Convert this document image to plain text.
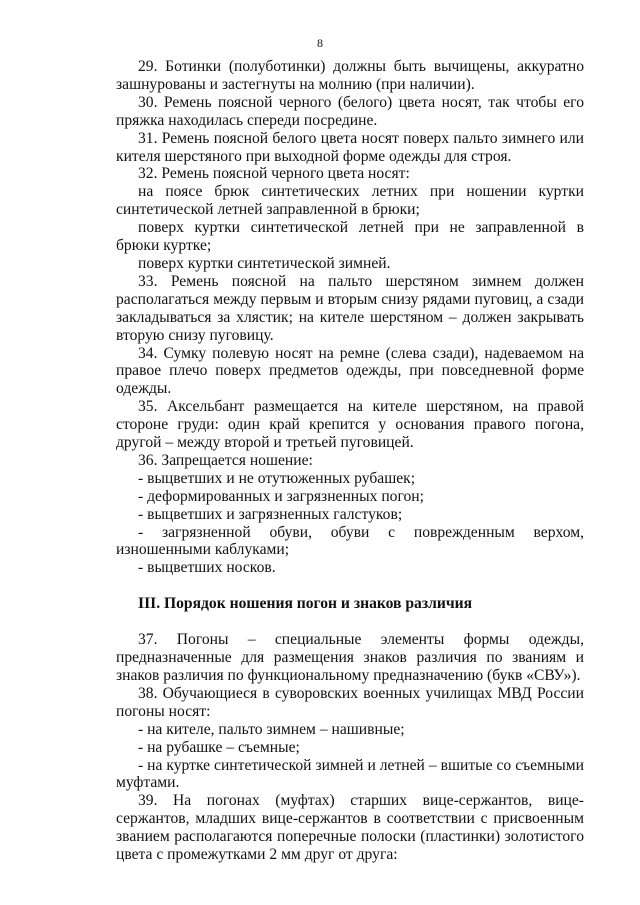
8

29. Ботинки (полуботинки) должны быть вычищены, аккуратно зашнурованы и застегнуты на молнию (при наличии).

30. Ремень поясной черного (белого) цвета носят, так чтобы его пряжка находилась спереди посредине.

31. Ремень поясной белого цвета носят поверх пальто зимнего или кителя шерстяного при выходной форме одежды для строя.

32. Ремень поясной черного цвета носят:

на поясе брюк синтетических летних при ношении куртки синтетической летней заправленной в брюки;

поверх куртки синтетической летней при не заправленной в брюки куртке;

поверх куртки синтетической зимней.

33. Ремень поясной на пальто шерстяном зимнем должен располагаться между первым и вторым снизу рядами пуговиц, а сзади закладываться за хлястик; на кителе шерстяном – должен закрывать вторую снизу пуговицу.

34. Сумку полевую носят на ремне (слева сзади), надеваемом на правое плечо поверх предметов одежды, при повседневной форме одежды.

35. Аксельбант размещается на кителе шерстяном, на правой стороне груди: один край крепится у основания правого погона, другой – между второй и третьей пуговицей.

36. Запрещается ношение:

- выцветших и не отутюженных рубашек;

- деформированных и загрязненных погон;

- выцветших и загрязненных галстуков;

- загрязненной обуви, обуви с поврежденным верхом, изношенными каблуками;

- выцветших носков.

III. Порядок ношения погон и знаков различия

37. Погоны – специальные элементы формы одежды, предназначенные для размещения знаков различия по званиям и знаков различия по функциональному предназначению (букв «СВУ»).

38. Обучающиеся в суворовских военных училищах МВД России погоны носят:

- на кителе, пальто зимнем – нашивные;

- на рубашке – съемные;

- на куртке синтетической зимней и летней – вшитые со съемными муфтами.

39. На погонах (муфтах) старших вице-сержантов, вице-сержантов, младших вице-сержантов в соответствии с присвоенным званием располагаются поперечные полоски (пластинки) золотистого цвета с промежутками 2 мм друг от друга:
